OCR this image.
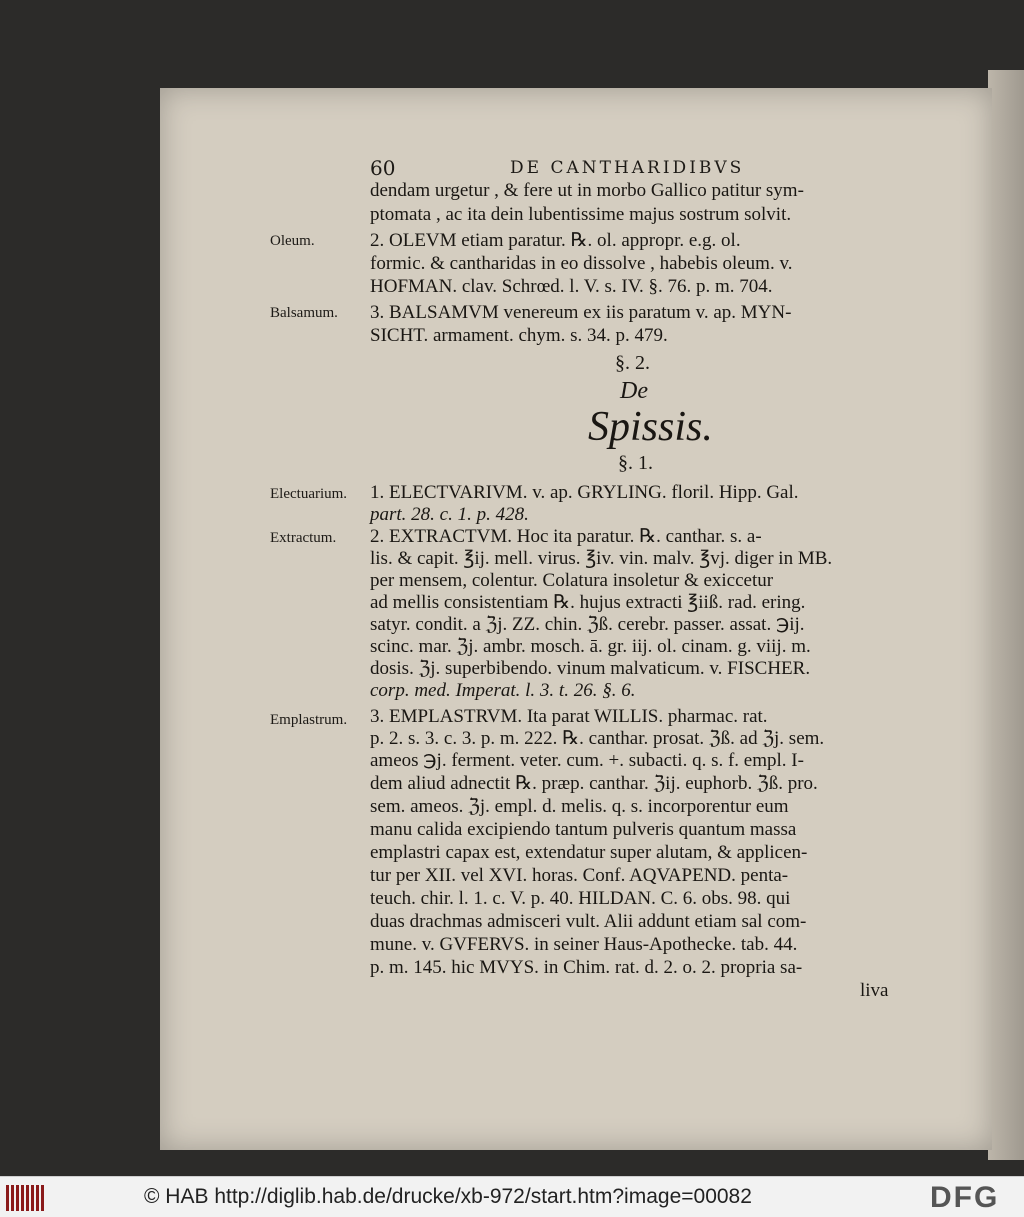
60	DE CANTHARIDIBVS
Oleum.
Balsamum.
Electuarium.
Extractum.
Emplastrum.
dendam urgetur , & fere ut in morbo Gallico patitur sym-
ptomata , ac ita dein lubentissime majus sostrum solvit.
2. OLEVM etiam paratur. ℞. ol. appropr. e.g. ol.
formic. & cantharidas in eo dissolve , habebis oleum. v.
HOFMAN. clav. Schrœd. l. V. s. IV. §. 76. p. m. 704.
3. BALSAMVM venereum ex iis paratum v. ap. MYN-
SICHT. armament. chym. s. 34. p. 479.
§. 2.
De
Spissis.
§. 1.
1. ELECTVARIVM. v. ap. GRYLING. floril. Hipp. Gal.
part. 28. c. 1. p. 428.
2. EXTRACTVM. Hoc ita paratur. ℞. canthar. s. a-
lis. & capit. ℥ij. mell. virus. ℥iv. vin. malv. ℥vj. diger in MB.
per mensem, colentur. Colatura insoletur & exiccetur
ad mellis consistentiam ℞. hujus extracti ℥iiß. rad. ering.
satyr. condit. a ℨj. ZZ. chin. ℨß. cerebr. passer. assat. ℈ij.
scinc. mar. ℨj. ambr. mosch. ā. gr. iij. ol. cinam. g. viij. m.
dosis. ℨj. superbibendo. vinum malvaticum. v. FISCHER.
corp. med. Imperat. l. 3. t. 26. §. 6.
3. EMPLASTRVM. Ita parat WILLIS. pharmac. rat.
p. 2. s. 3. c. 3. p. m. 222. ℞. canthar. prosat. ℨß. ad ℨj. sem.
ameos ℈j. ferment. veter. cum. +. subacti. q. s. f. empl. I-
dem aliud adnectit ℞. præp. canthar. ℨij. euphorb. ℨß. pro.
sem. ameos. ℨj. empl. d. melis. q. s. incorporentur eum
manu calida excipiendo tantum pulveris quantum massa
emplastri capax est, extendatur super alutam, & applicen-
tur per XII. vel XVI. horas. Conf. AQVAPEND. penta-
teuch. chir. l. 1. c. V. p. 40. HILDAN. C. 6. obs. 98. qui
duas drachmas admisceri vult. Alii addunt etiam sal com-
mune. v. GVFERVS. in seiner Haus-Apothecke. tab. 44.
p. m. 145. hic MVYS. in Chim. rat. d. 2. o. 2. propria sa-
liva
© HAB http://diglib.hab.de/drucke/xb-972/start.htm?image=00082	DFG
